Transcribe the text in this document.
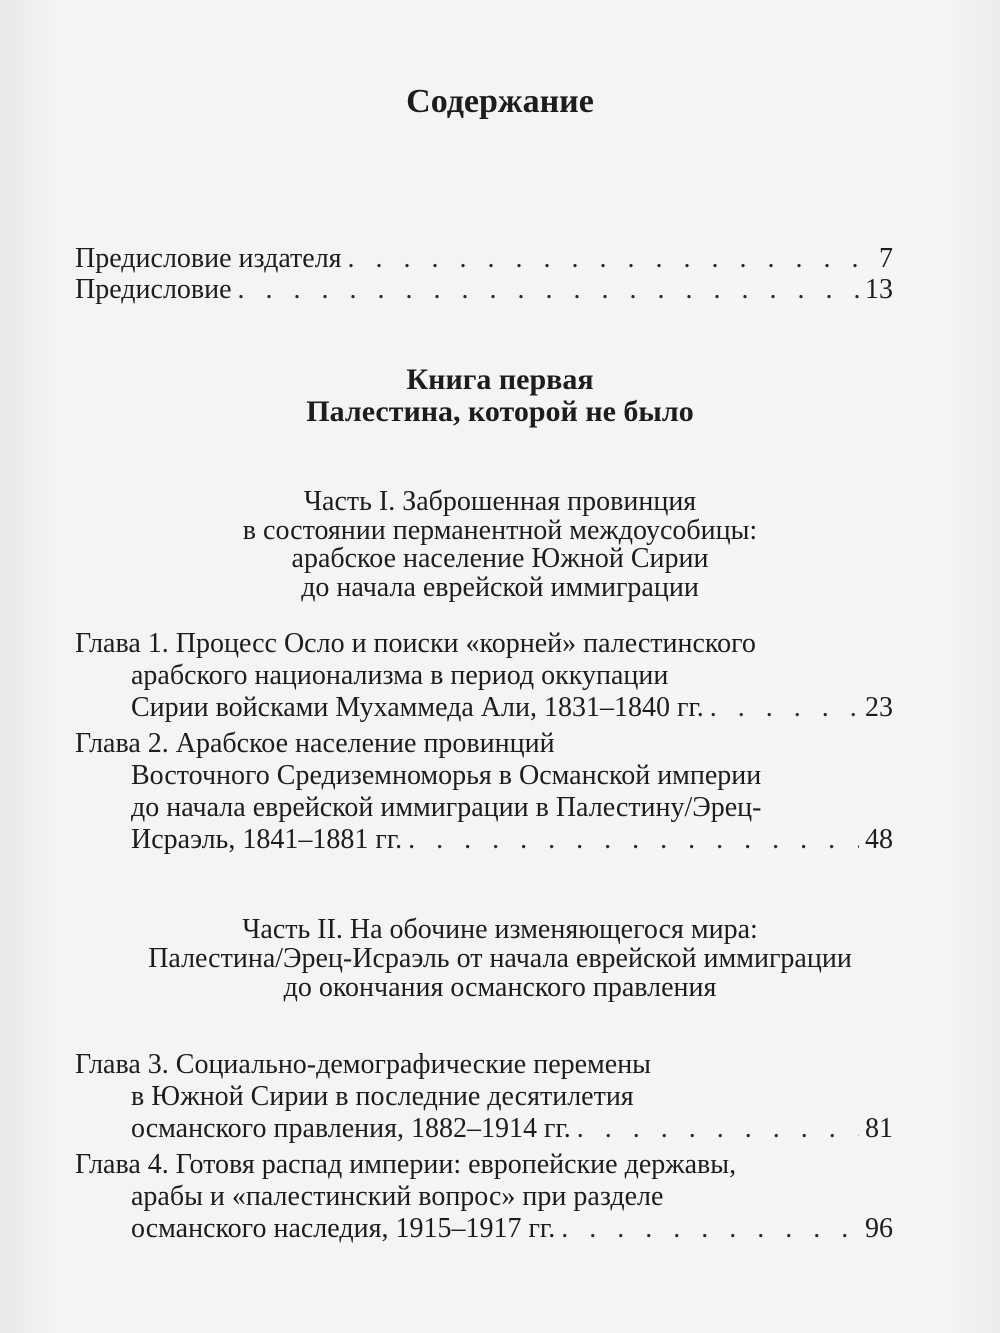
Содержание
Предисловие издателя . . .	7
Предисловие . . .	13
Книга первая
Палестина, которой не было
Часть I. Заброшенная провинция
в состоянии перманентной междоусобицы:
арабское население Южной Сирии
до начала еврейской иммиграции
Глава 1. Процесс Осло и поиски «корней» палестинского
арабского национализма в период оккупации
Сирии войсками Мухаммеда Али, 1831–1840 гг. . . .	23
Глава 2. Арабское население провинций
Восточного Средиземноморья в Османской империи
до начала еврейской иммиграции в Палестину/Эрец-
Исраэль, 1841–1881 гг. . . .	48
Часть II. На обочине изменяющегося мира:
Палестина/Эрец-Исраэль от начала еврейской иммиграции
до окончания османского правления
Глава 3. Социально-демографические перемены
в Южной Сирии в последние десятилетия
османского правления, 1882–1914 гг. . . .	81
Глава 4. Готовя распад империи: европейские державы,
арабы и «палестинский вопрос» при разделе
османского наследия, 1915–1917 гг. . . .	96
